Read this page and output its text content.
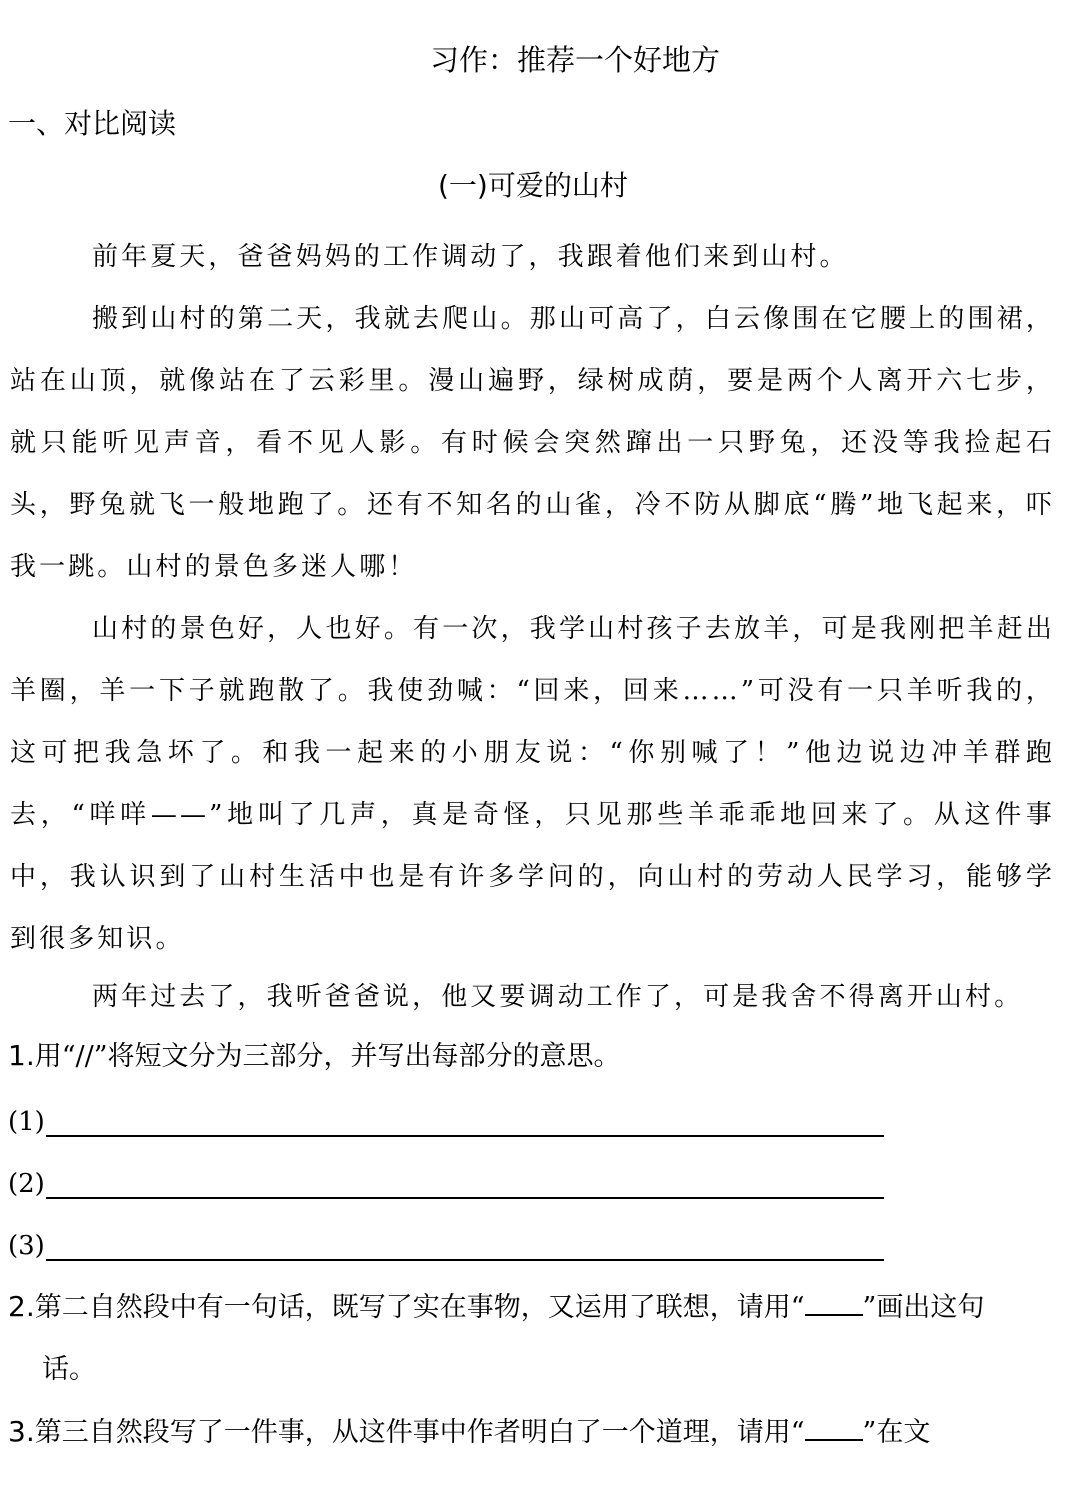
习作：推荐一个好地方
一、对比阅读
(一)可爱的山村
前年夏天，爸爸妈妈的工作调动了，我跟着他们来到山村。
搬到山村的第二天，我就去爬山。那山可高了，白云像围在它腰上的围裙，站在山顶，就像站在了云彩里。漫山遍野，绿树成荫，要是两个人离开六七步，就只能听见声音，看不见人影。有时候会突然蹿出一只野兔，还没等我捡起石头，野兔就飞一般地跑了。还有不知名的山雀，冷不防从脚底“腾”地飞起来，吓我一跳。山村的景色多迷人哪！
山村的景色好，人也好。有一次，我学山村孩子去放羊，可是我刚把羊赶出羊圈，羊一下子就跑散了。我使劲喊：“回来，回来……”可没有一只羊听我的，这可把我急坏了。和我一起来的小朋友说：“你别喊了！”他边说边冲羊群跑去，“咩咩——”地叫了几声，真是奇怪，只见那些羊乖乖地回来了。从这件事中，我认识到了山村生活中也是有许多学问的，向山村的劳动人民学习，能够学到很多知识。
两年过去了，我听爸爸说，他又要调动工作了，可是我舍不得离开山村。
1.用“//”将短文分为三部分，并写出每部分的意思。
(1)
(2)
(3)
2.第二自然段中有一句话，既写了实在事物，又运用了联想，请用“ ”画出这句
话。
3.第三自然段写了一件事，从这件事中作者明白了一个道理，请用“ ”在文
